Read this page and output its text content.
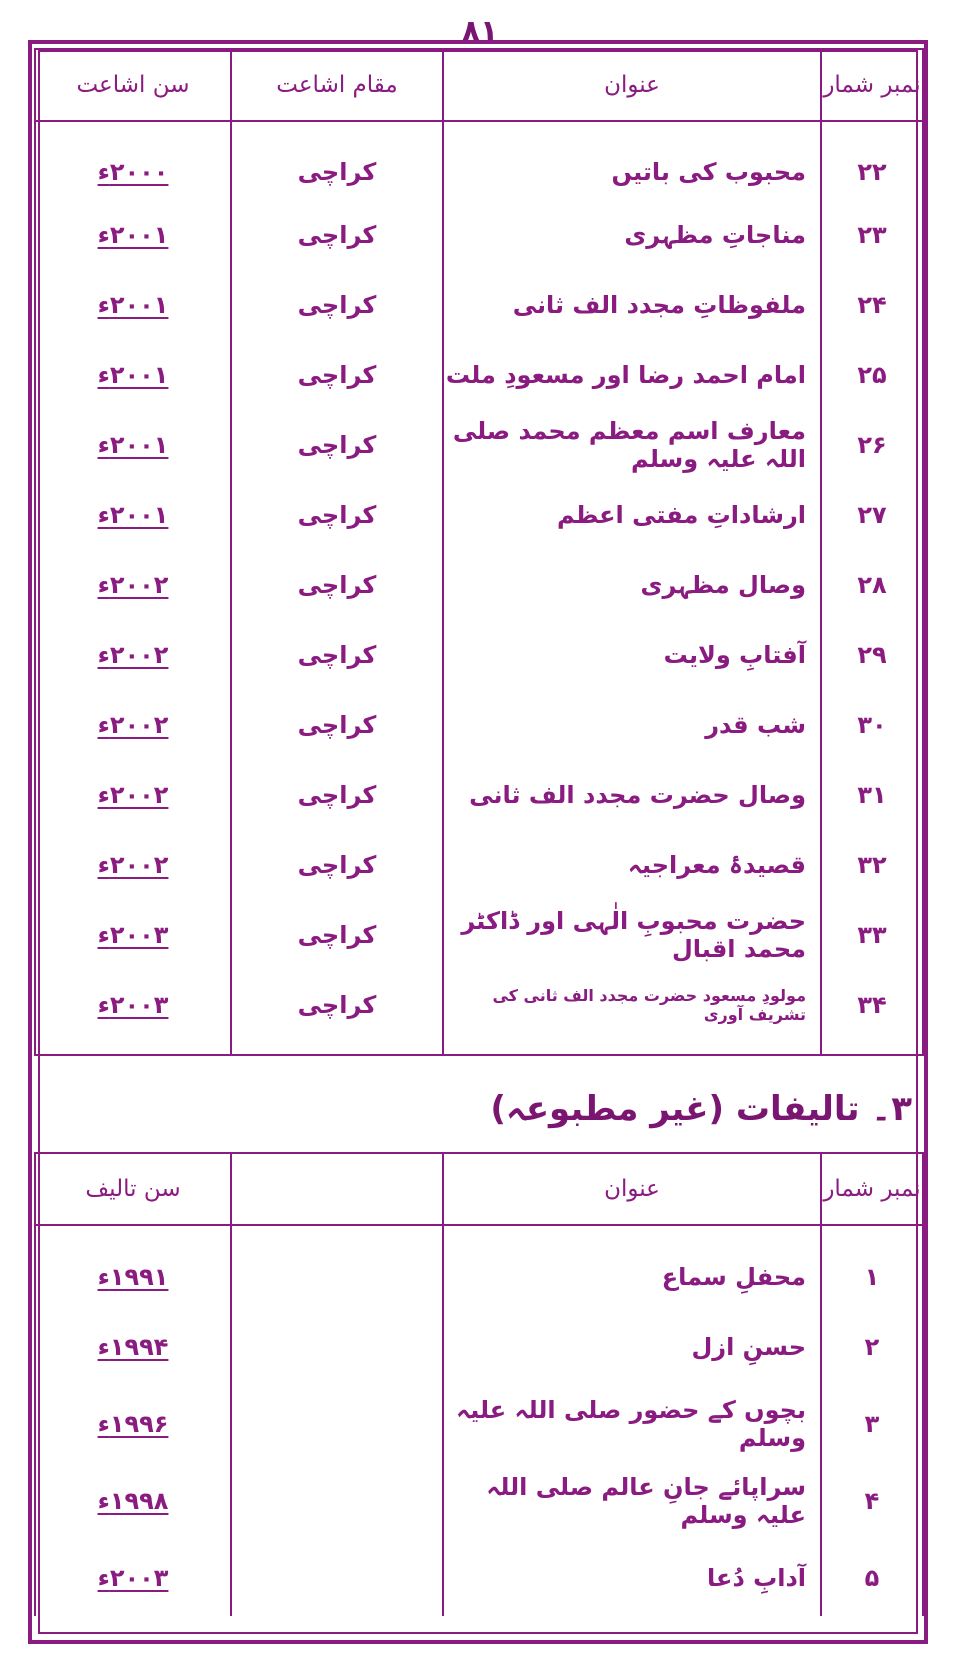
۸۱
نمبر شمار	عنوان	مقام اشاعت	سن اشاعت
۲۲	محبوب کی باتیں	کراچی	۲۰۰۰ء
۲۳	مناجاتِ مظہری	کراچی	۲۰۰۱ء
۲۴	ملفوظاتِ مجدد الف ثانی	کراچی	۲۰۰۱ء
۲۵	امام احمد رضا اور مسعودِ ملت	کراچی	۲۰۰۱ء
۲۶	معارف اسم معظم محمد صلی اللہ علیہ وسلم	کراچی	۲۰۰۱ء
۲۷	ارشاداتِ مفتی اعظم	کراچی	۲۰۰۱ء
۲۸	وصال مظہری	کراچی	۲۰۰۲ء
۲۹	آفتابِ ولایت	کراچی	۲۰۰۲ء
۳۰	شب قدر	کراچی	۲۰۰۲ء
۳۱	وصال حضرت مجدد الف ثانی	کراچی	۲۰۰۲ء
۳۲	قصیدۂ معراجیہ	کراچی	۲۰۰۲ء
۳۳	حضرت محبوبِ الٰہی اور ڈاکٹر محمد اقبال	کراچی	۲۰۰۳ء
۳۴	مولودِ مسعود حضرت مجدد الف ثانی کی تشریف آوری	کراچی	۲۰۰۳ء
۳۔ تالیفات (غیر مطبوعہ)
نمبر شمار	عنوان		سن تالیف
۱	محفلِ سماع		۱۹۹۱ء
۲	حسنِ ازل		۱۹۹۴ء
۳	بچوں کے حضور صلی اللہ علیہ وسلم		۱۹۹۶ء
۴	سراپائے جانِ عالم صلی اللہ علیہ وسلم		۱۹۹۸ء
۵	آدابِ دُعا		۲۰۰۳ء
